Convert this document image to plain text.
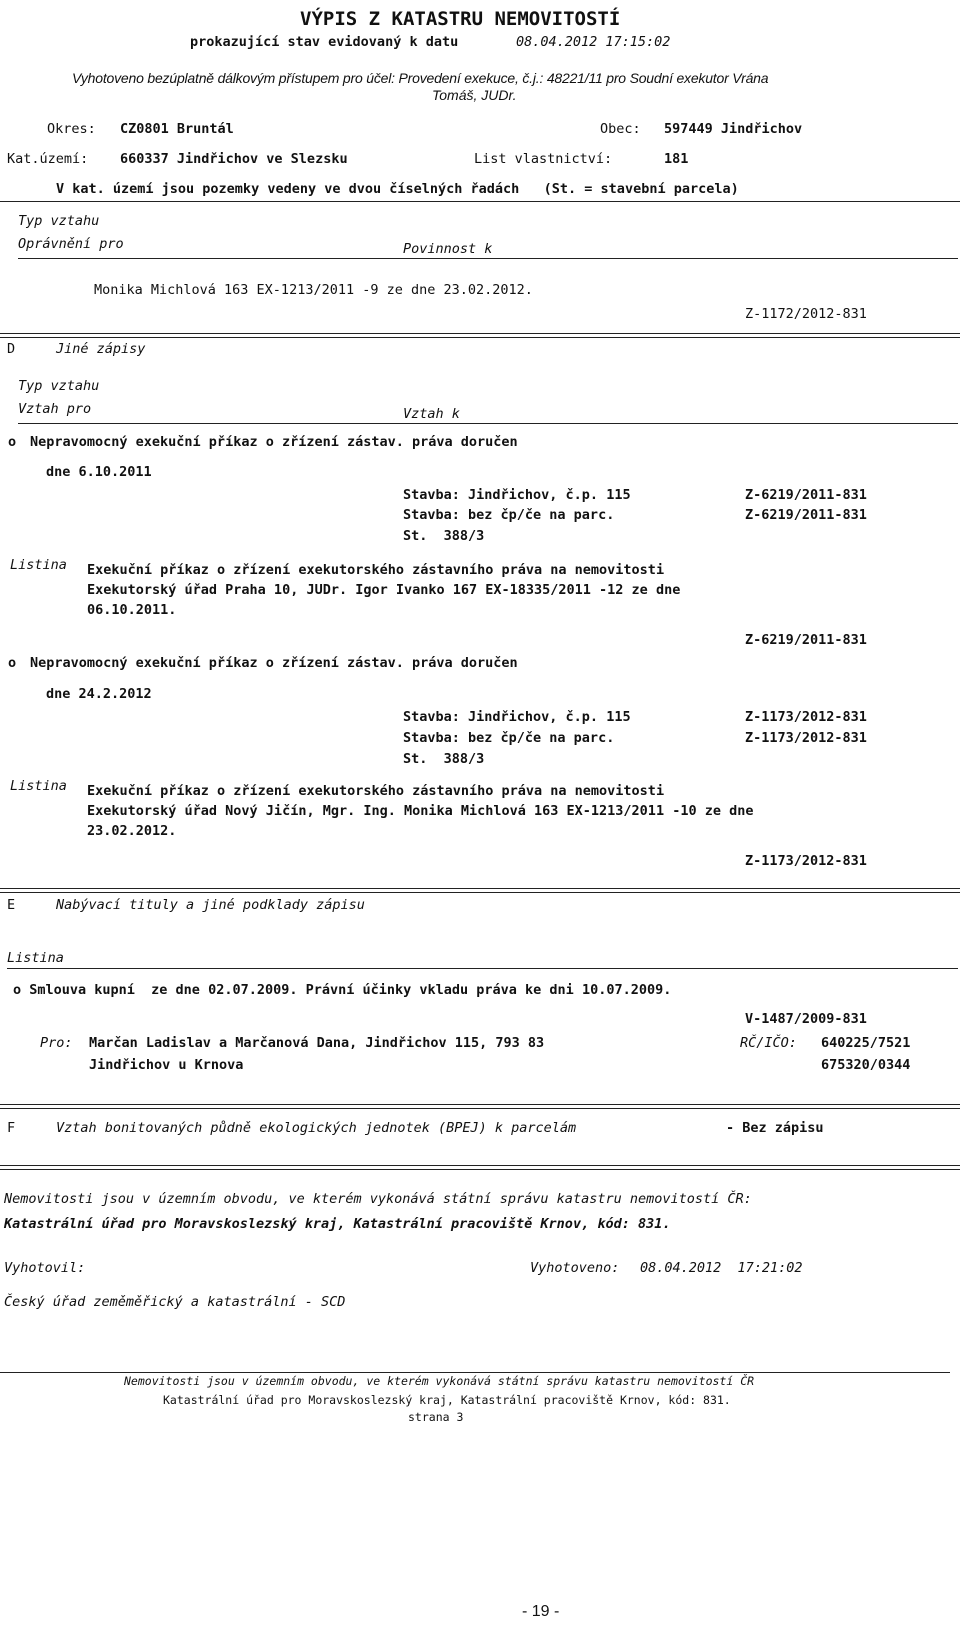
VÝPIS Z KATASTRU NEMOVITOSTÍ
prokazující stav evidovaný k datu	08.04.2012 17:15:02
Vyhotoveno bezúplatně dálkovým přístupem pro účel: Provedení exekuce, č.j.: 48221/11 pro Soudní exekutor Vrána
Tomáš, JUDr.
Okres: CZ0801 Bruntál	Obec: 597449 Jindřichov
Kat.území: 660337 Jindřichov ve Slezsku	List vlastnictví:	181
V kat. území jsou pozemky vedeny ve dvou číselných řadách   (St. = stavební parcela)
Typ vztahu
Oprávnění pro	Povinnost k
Monika Michlová 163 EX-1213/2011 -9 ze dne 23.02.2012.
Z-1172/2012-831
D	Jiné zápisy
Typ vztahu
Vztah pro	Vztah k
o Nepravomocný exekuční příkaz o zřízení zástav. práva doručen
dne 6.10.2011
Stavba: Jindřichov, č.p. 115	Z-6219/2011-831
Stavba: bez čp/če na parc.	Z-6219/2011-831
St.  388/3
Listina Exekuční příkaz o zřízení exekutorského zástavního práva na nemovitosti
Exekutorský úřad Praha 10, JUDr. Igor Ivanko 167 EX-18335/2011 -12 ze dne
06.10.2011.
Z-6219/2011-831
o Nepravomocný exekuční příkaz o zřízení zástav. práva doručen
dne 24.2.2012
Stavba: Jindřichov, č.p. 115	Z-1173/2012-831
Stavba: bez čp/če na parc.	Z-1173/2012-831
St.  388/3
Listina Exekuční příkaz o zřízení exekutorského zástavního práva na nemovitosti
Exekutorský úřad Nový Jičín, Mgr. Ing. Monika Michlová 163 EX-1213/2011 -10 ze dne
23.02.2012.
Z-1173/2012-831
E	Nabývací tituly a jiné podklady zápisu
Listina
o Smlouva kupní  ze dne 02.07.2009. Právní účinky vkladu práva ke dni 10.07.2009.
V-1487/2009-831
Pro: Marčan Ladislav a Marčanová Dana, Jindřichov 115, 793 83
Jindřichov u Krnova
RČ/IČO: 640225/7521
675320/0344
F	Vztah bonitovaných půdně ekologických jednotek (BPEJ) k parcelám	- Bez zápisu
Nemovitosti jsou v územním obvodu, ve kterém vykonává státní správu katastru nemovitostí ČR:
Katastrální úřad pro Moravskoslezský kraj, Katastrální pracoviště Krnov, kód: 831.
Vyhotovil:	Vyhotoveno: 08.04.2012  17:21:02
Český úřad zeměměřický a katastrální - SCD
Nemovitosti jsou v územním obvodu, ve kterém vykonává státní správu katastru nemovitostí ČR
Katastrální úřad pro Moravskoslezský kraj, Katastrální pracoviště Krnov, kód: 831.
strana 3
- 19 -
